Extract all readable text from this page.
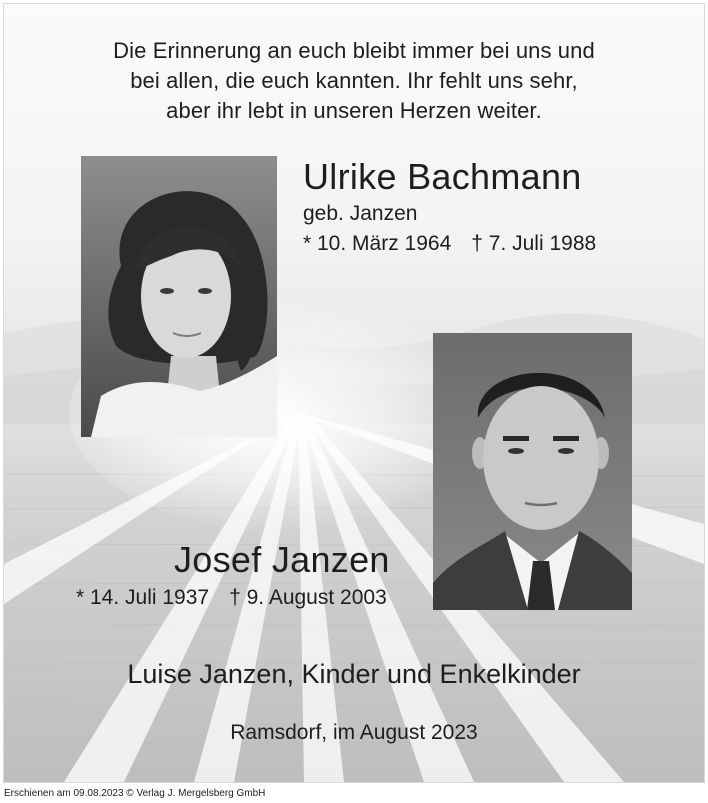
Die Erinnerung an euch bleibt immer bei uns und
bei allen, die euch kannten. Ihr fehlt uns sehr,
aber ihr lebt in unseren Herzen weiter.
Ulrike Bachmann
geb. Janzen
* 10. März 1964 † 7. Juli 1988
Josef Janzen
* 14. Juli 1937 † 9. August 2003
Luise Janzen, Kinder und Enkelkinder
Ramsdorf, im August 2023
Erschienen am 09.08.2023 © Verlag J. Mergelsberg GmbH
